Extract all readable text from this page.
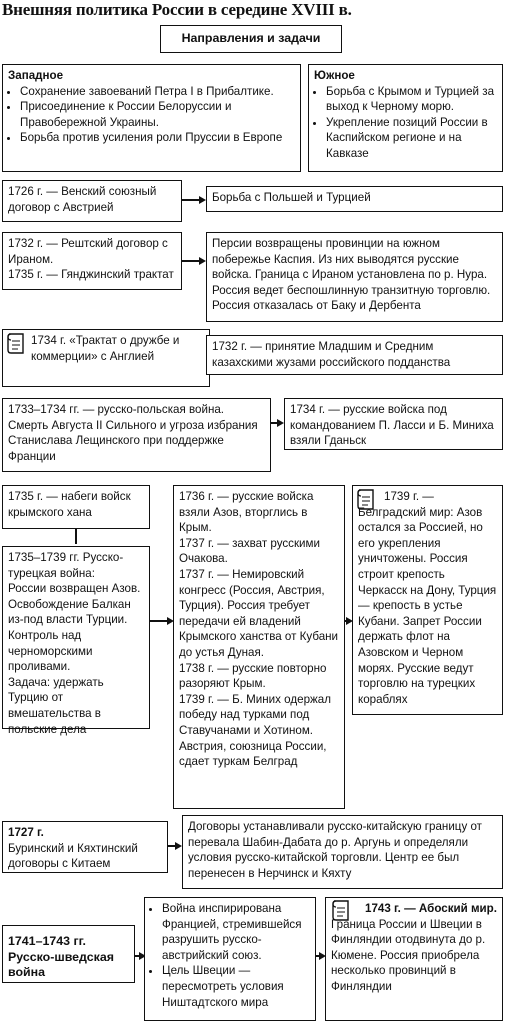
Внешняя политика России в середине XVIII в.
Направления и задачи
Западное
• Сохранение завоеваний Петра I в Прибалтике.
• Присоединение к России Белоруссии и Правобережной Украины.
• Борьба против усиления роли Пруссии в Европе
Южное
• Борьба с Крымом и Турцией за выход к Черному морю.
• Укрепление позиций России в Каспийском регионе и на Кавказе
1726 г. — Венский союзный договор с Австрией
Борьба с Польшей и Турцией
1732 г. — Рештский договор с Ираном.
1735 г. — Гянджинский трактат
Персии возвращены провинции на южном побережье Каспия. Из них выводятся русские войска. Граница с Ираном установлена по р. Нура. Россия ведет беспошлинную транзитную торговлю. Россия отказалась от Баку и Дербента
1734 г. «Трактат о дружбе и коммерции» с Англией
1732 г. — принятие Младшим и Средним казахскими жузами российского подданства
1733–1734 гг. — русско-польская война. Смерть Августа II Сильного и угроза избрания Станислава Лещинского при поддержке Франции
1734 г. — русские войска под командованием П. Ласси и Б. Миниха взяли Гданьск
1735 г. — набеги войск крымского хана
1735–1739 гг. Русско-турецкая война:
России возвращен Азов.
Освобождение Балкан из-под власти Турции.
Контроль над черноморскими проливами.
Задача: удержать Турцию от вмешательства в польские дела
1736 г. — русские войска взяли Азов, вторглись в Крым.
1737 г. — захват русскими Очакова.
1737 г. — Немировский конгресс (Россия, Австрия, Турция). Россия требует передачи ей владений Крымского ханства от Кубани до устья Дуная.
1738 г. — русские повторно разоряют Крым.
1739 г. — Б. Миних одержал победу над турками под Ставучанами и Хотином.
Австрия, союзница России, сдает туркам Белград
1739 г. — Белградский мир: Азов остался за Россией, но его укрепления уничтожены. Россия строит крепость Черкасск на Дону, Турция — крепость в устье Кубани. Запрет России держать флот на Азовском и Черном морях. Русские ведут торговлю на турецких кораблях
1727 г.
Буринский и Кяхтинский договоры с Китаем
Договоры устанавливали русско-китайскую границу от перевала Шабин-Дабата до р. Аргунь и определяли условия русско-китайской торговли. Центр ее был перенесен в Нерчинск и Кяхту
1741–1743 гг. Русско-шведская война
• Война инспирирована Францией, стремившейся разрушить русско-австрийский союз.
• Цель Швеции — пересмотреть условия Ништадтского мира
1743 г. — Абоский мир.
Граница России и Швеции в Финляндии отодвинута до р. Кюмене. Россия приобрела несколько провинций в Финляндии
